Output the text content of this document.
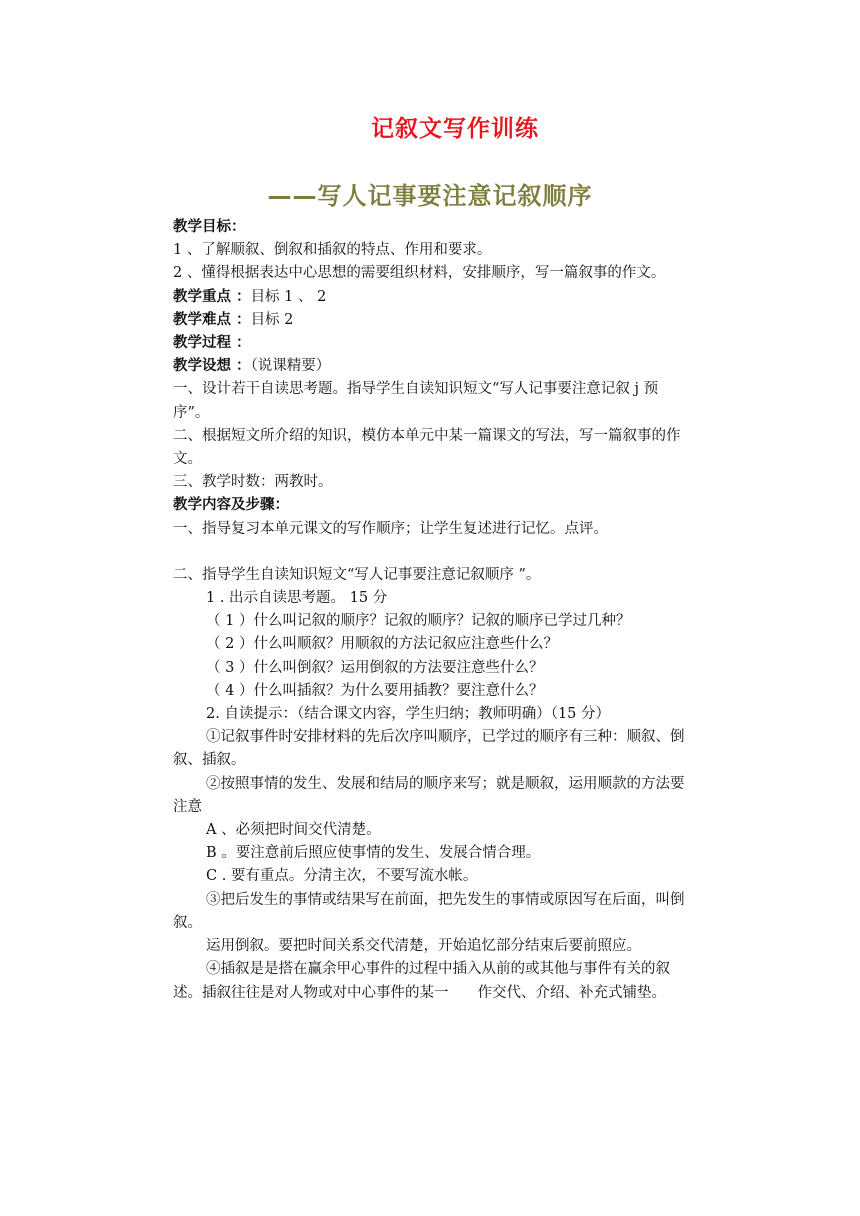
记叙文写作训练
——写人记事要注意记叙顺序

教学目标：

1 、了解顺叙、倒叙和插叙的特点、作用和要求。

2 、懂得根据表达中心思想的需要组织材料，安排顺序，写一篇叙事的作文。

教学重点 ：目标 1 、 2

教学难点 ：目标 2

教学过程 ：

教学设想 ：（说课精要）

一、设计若干自读思考题。指导学生自读知识短文“写人记事要注意记叙 j 预序”。

二、根据短文所介绍的知识，模仿本单元中某一篇课文的写法，写一篇叙事的作文。

三、教学时数：两教时。

教学内容及步骤：

一、指导复习本单元课文的写作顺序；让学生复述进行记忆。点评。

二、指导学生自读知识短文“写人记事要注意记叙顺序 ”。

1 . 出示自读思考题。 15 分

（ 1 ）什么叫记叙的顺序？记叙的顺序？记叙的顺序已学过几种？

（ 2 ）什么叫顺叙？用顺叙的方法记叙应注意些什么？

（ 3 ）什么叫倒叙？运用倒叙的方法要注意些什么？

（ 4 ）什么叫插叙？为什么要用插教？要注意什么？

2. 自读提示：（结合课文内容，学生归纳；教师明确）（15 分）

①记叙事件时安排材料的先后次序叫顺序，已学过的顺序有三种：顺叙、倒叙、插叙。

②按照事情的发生、发展和结局的顺序来写；就是顺叙，运用顺款的方法要 注意

A 、必须把时间交代清楚。

B 。要注意前后照应使事情的发生、发展合情合理。

C . 要有重点。分清主次，不要写流水帐。

③把后发生的事情或结果写在前面，把先发生的事情或原因写在后面，叫倒叙。

运用倒叙。要把时间关系交代清楚，开始追忆部分结束后要前照应。

④插叙是是搭在赢余甲心事件的过程中插入从前的或其他与事件有关的叙述。插叙往往是对人物或对中心事件的某一　　作交代、介绍、补充式铺垫。
